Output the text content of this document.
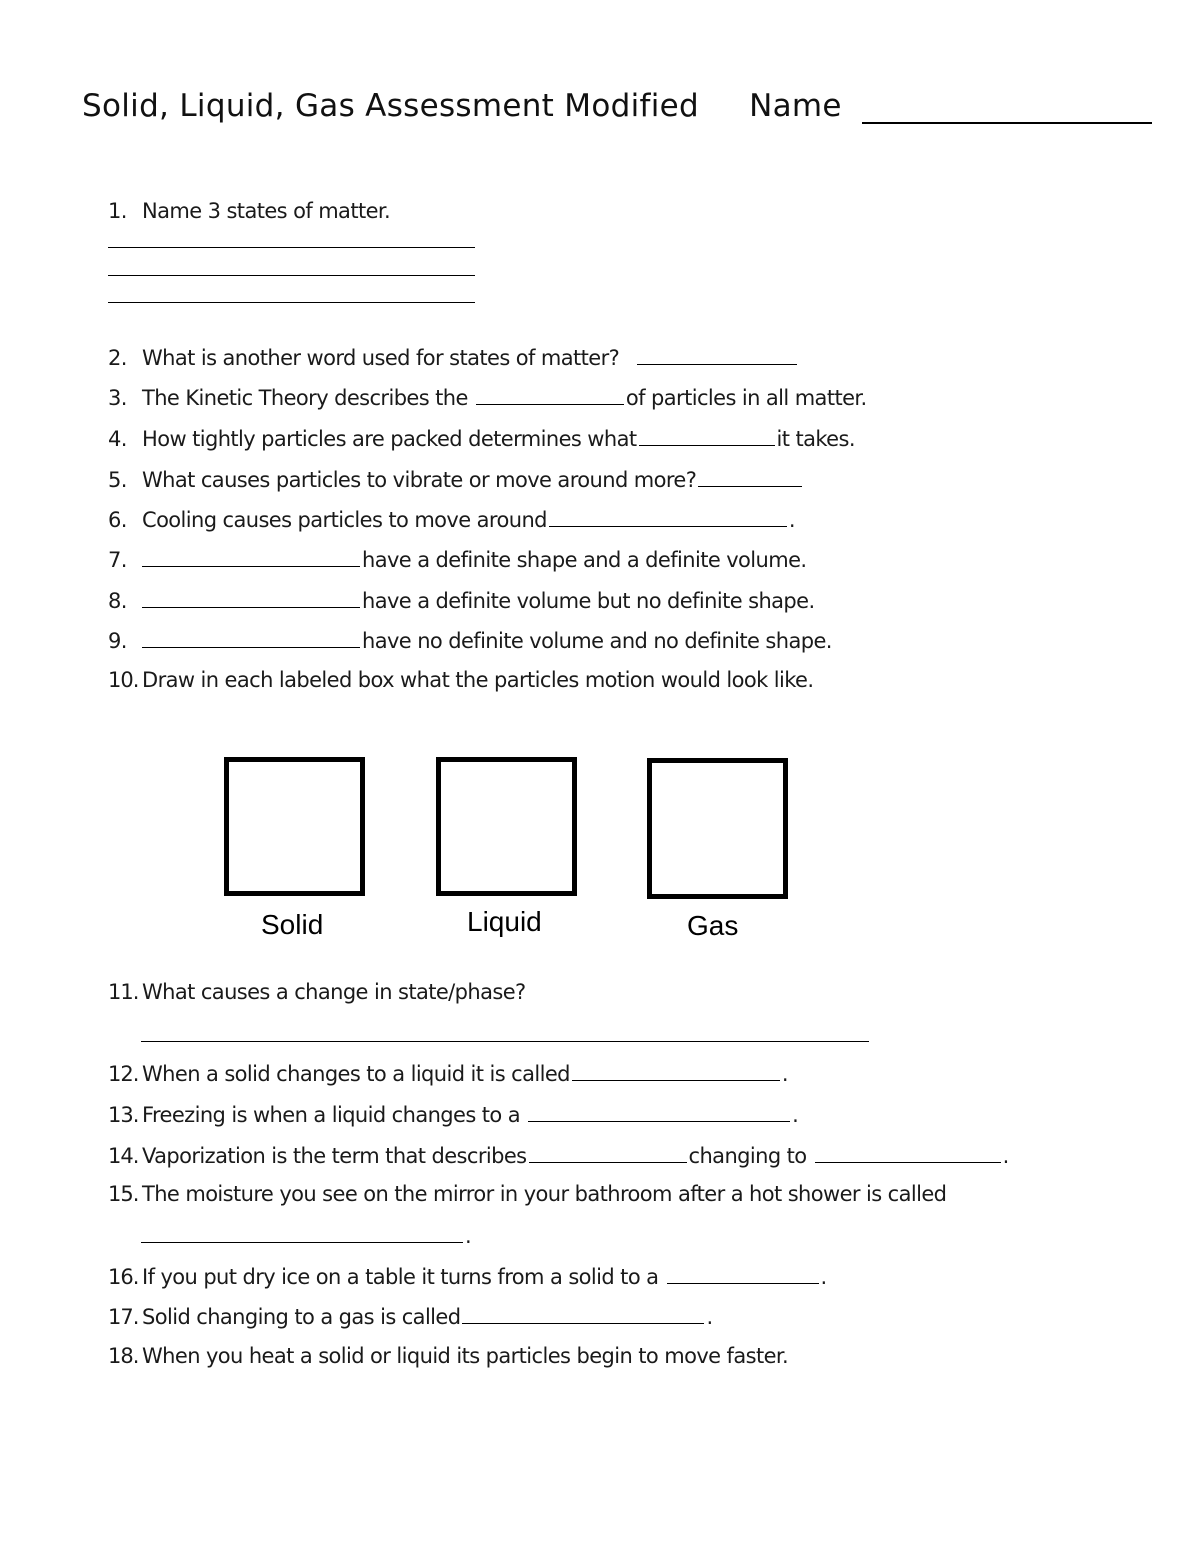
Solid, Liquid, Gas Assessment Modified Name
1. Name 3 states of matter.
2. What is another word used for states of matter?
3. The Kinetic Theory describes the	of particles in all matter.
4. How tightly particles are packed determines what	it takes.
5. What causes particles to vibrate or move around more?
6. Cooling causes particles to move around	.
7.	have a definite shape and a definite volume.
8.	have a definite volume but no definite shape.
9.	have no definite volume and no definite shape.
10. Draw in each labeled box what the particles motion would look like.
Solid	Liquid	Gas
11. What causes a change in state/phase?
12. When a solid changes to a liquid it is called	.
13. Freezing is when a liquid changes to a	.
14. Vaporization is the term that describes	changing to	.
15. The moisture you see on the mirror in your bathroom after a hot shower is called
.
16. If you put dry ice on a table it turns from a solid to a	.
17. Solid changing to a gas is called	.
18. When you heat a solid or liquid its particles begin to move faster.
